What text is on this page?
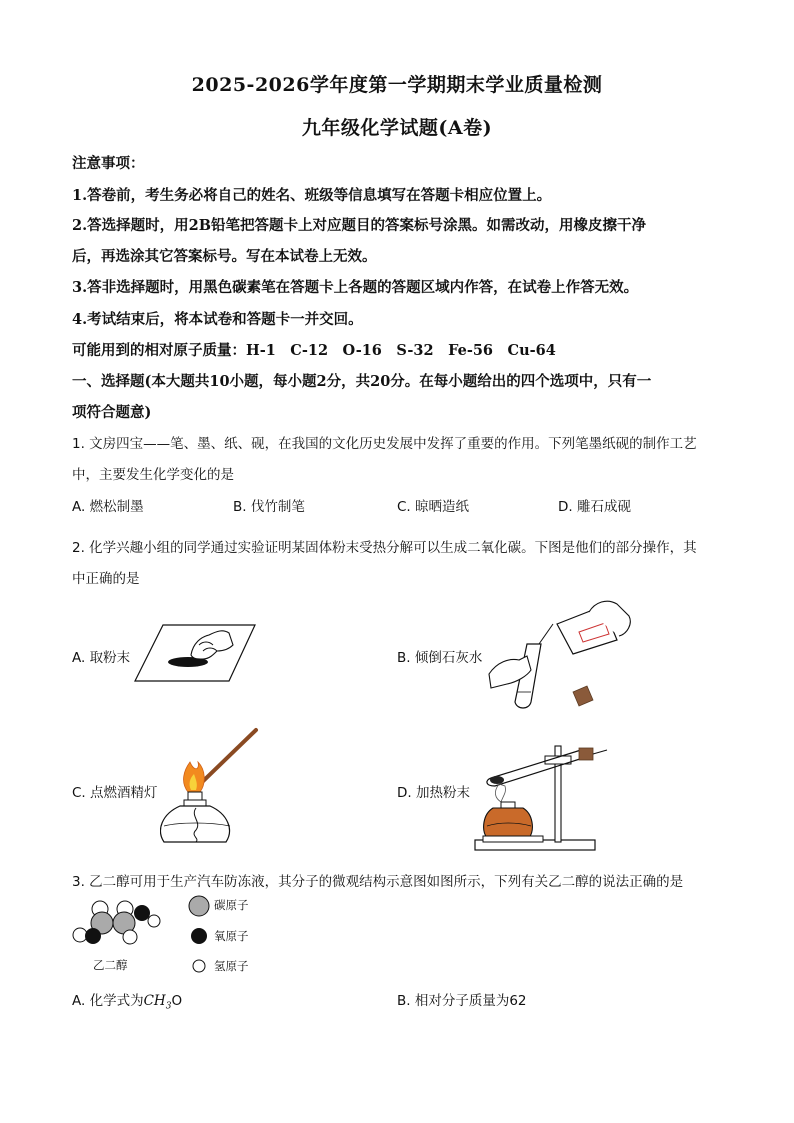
2025-2026学年度第一学期期末学业质量检测
九年级化学试题(A卷)
注意事项：
1.答卷前，考生务必将自己的姓名、班级等信息填写在答题卡相应位置上。
2.答选择题时，用2B铅笔把答题卡上对应题目的答案标号涂黑。如需改动，用橡皮擦干净
后，再选涂其它答案标号。写在本试卷上无效。
3.答非选择题时，用黑色碳素笔在答题卡上各题的答题区域内作答，在试卷上作答无效。
4.考试结束后，将本试卷和答题卡一并交回。
可能用到的相对原子质量：H-1　C-12　O-16　S-32　Fe-56　Cu-64
一、选择题(本大题共10小题，每小题2分，共20分。在每小题给出的四个选项中，只有一
项符合题意)
1. 文房四宝——笔、墨、纸、砚，在我国的文化历史发展中发挥了重要的作用。下列笔墨纸砚的制作工艺
中，主要发生化学变化的是
A. 燃松制墨	B. 伐竹制笔	C. 晾晒造纸	D. 雕石成砚
2. 化学兴趣小组的同学通过实验证明某固体粉末受热分解可以生成二氧化碳。下图是他们的部分操作，其
中正确的是
A. 取粉末	B. 倾倒石灰水
C. 点燃酒精灯	D. 加热粉末
3. 乙二醇可用于生产汽车防冻液，其分子的微观结构示意图如图所示，下列有关乙二醇的说法正确的是
乙二醇
碳原子
氧原子
氢原子
A. 化学式为$CH_3O$	B. 相对分子质量为62
